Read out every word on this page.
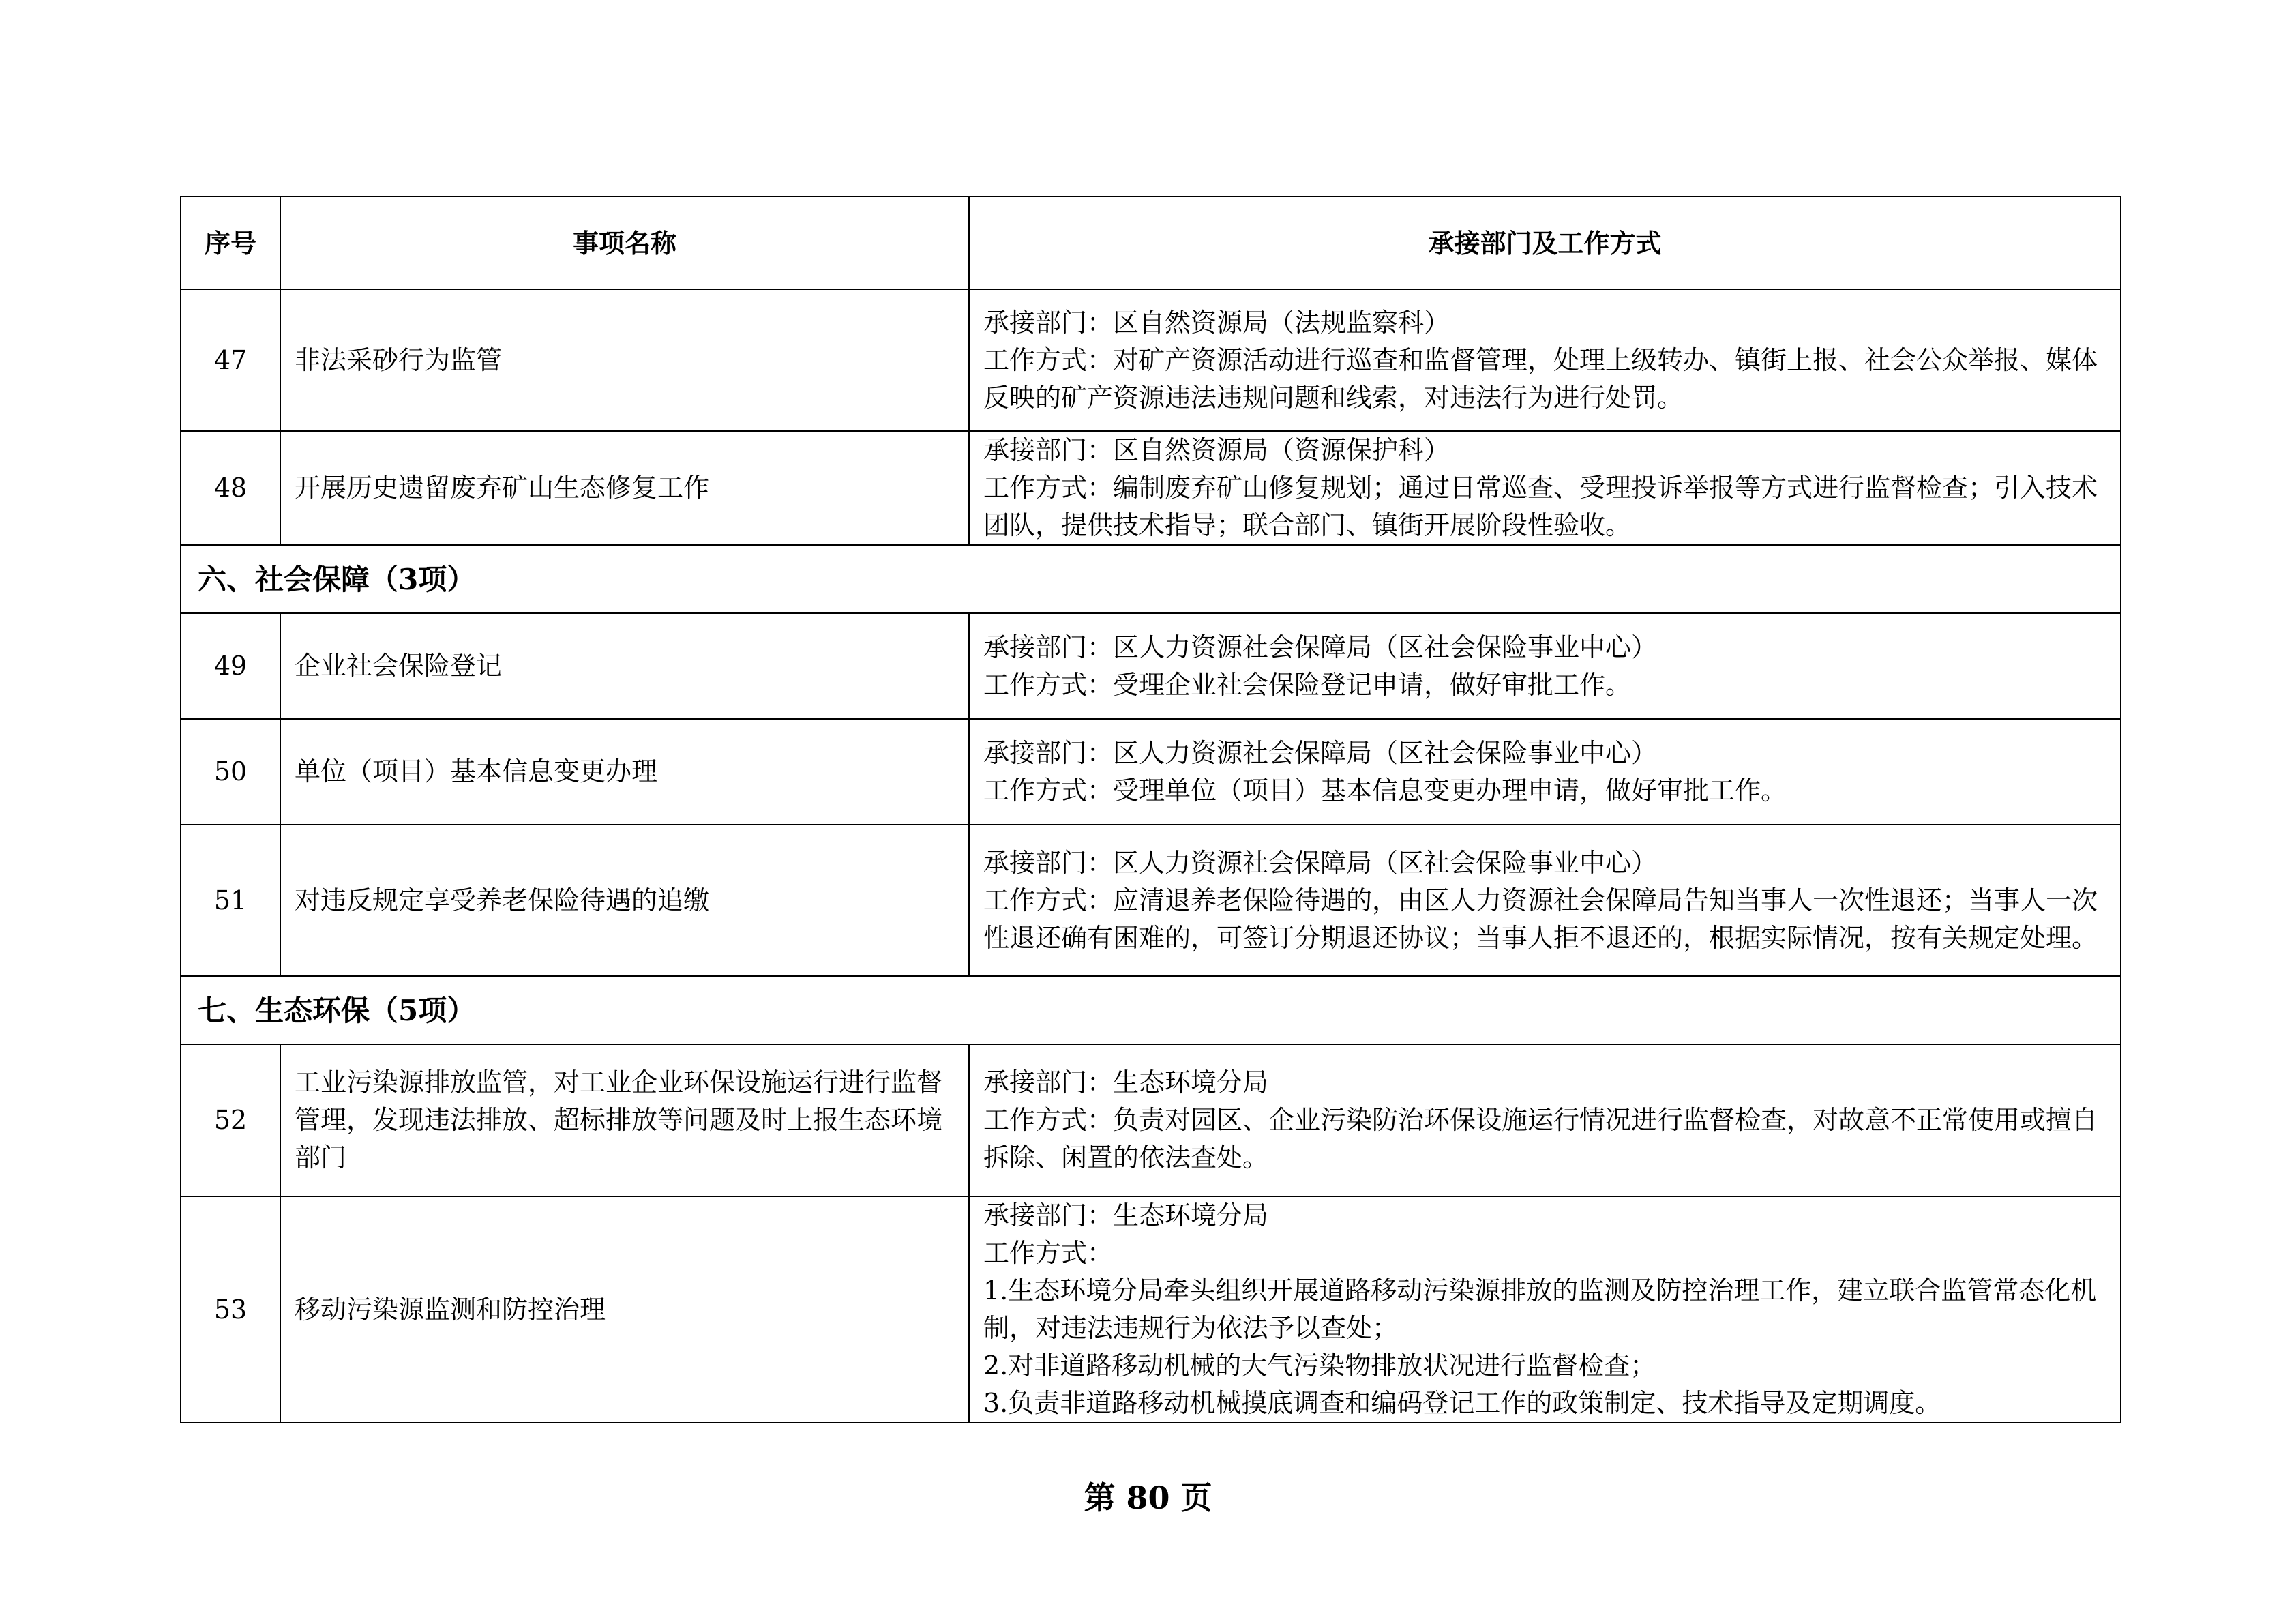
序号	事项名称	承接部门及工作方式
47	非法采砂行为监管	承接部门：区自然资源局（法规监察科）
工作方式：对矿产资源活动进行巡查和监督管理，处理上级转办、镇街上报、社会公众举报、媒体反映的矿产资源违法违规问题和线索，对违法行为进行处罚。

48	开展历史遗留废弃矿山生态修复工作	承接部门：区自然资源局（资源保护科）
工作方式：编制废弃矿山修复规划；通过日常巡查、受理投诉举报等方式进行监督检查；引入技术团队，提供技术指导；联合部门、镇街开展阶段性验收。

六、社会保障（3项）		
49	企业社会保险登记	承接部门：区人力资源社会保障局（区社会保险事业中心）
工作方式：受理企业社会保险登记申请，做好审批工作。

50	单位（项目）基本信息变更办理	承接部门：区人力资源社会保障局（区社会保险事业中心）
工作方式：受理单位（项目）基本信息变更办理申请，做好审批工作。

51	对违反规定享受养老保险待遇的追缴	承接部门：区人力资源社会保障局（区社会保险事业中心）
工作方式：应清退养老保险待遇的，由区人力资源社会保障局告知当事人一次性退还；当事人一次性退还确有困难的，可签订分期退还协议；当事人拒不退还的，根据实际情况，按有关规定处理。

七、生态环保（5项）		
52	工业污染源排放监管，对工业企业环保设施运行进行监督管理，发现违法排放、超标排放等问题及时上报生态环境部门	承接部门：生态环境分局
工作方式：负责对园区、企业污染防治环保设施运行情况进行监督检查，对故意不正常使用或擅自拆除、闲置的依法查处。

53	移动污染源监测和防控治理	承接部门：生态环境分局
工作方式：
1.生态环境分局牵头组织开展道路移动污染源排放的监测及防控治理工作，建立联合监管常态化机制，对违法违规行为依法予以查处；
2.对非道路移动机械的大气污染物排放状况进行监督检查；
3.负责非道路移动机械摸底调查和编码登记工作的政策制定、技术指导及定期调度。
第 80 页
